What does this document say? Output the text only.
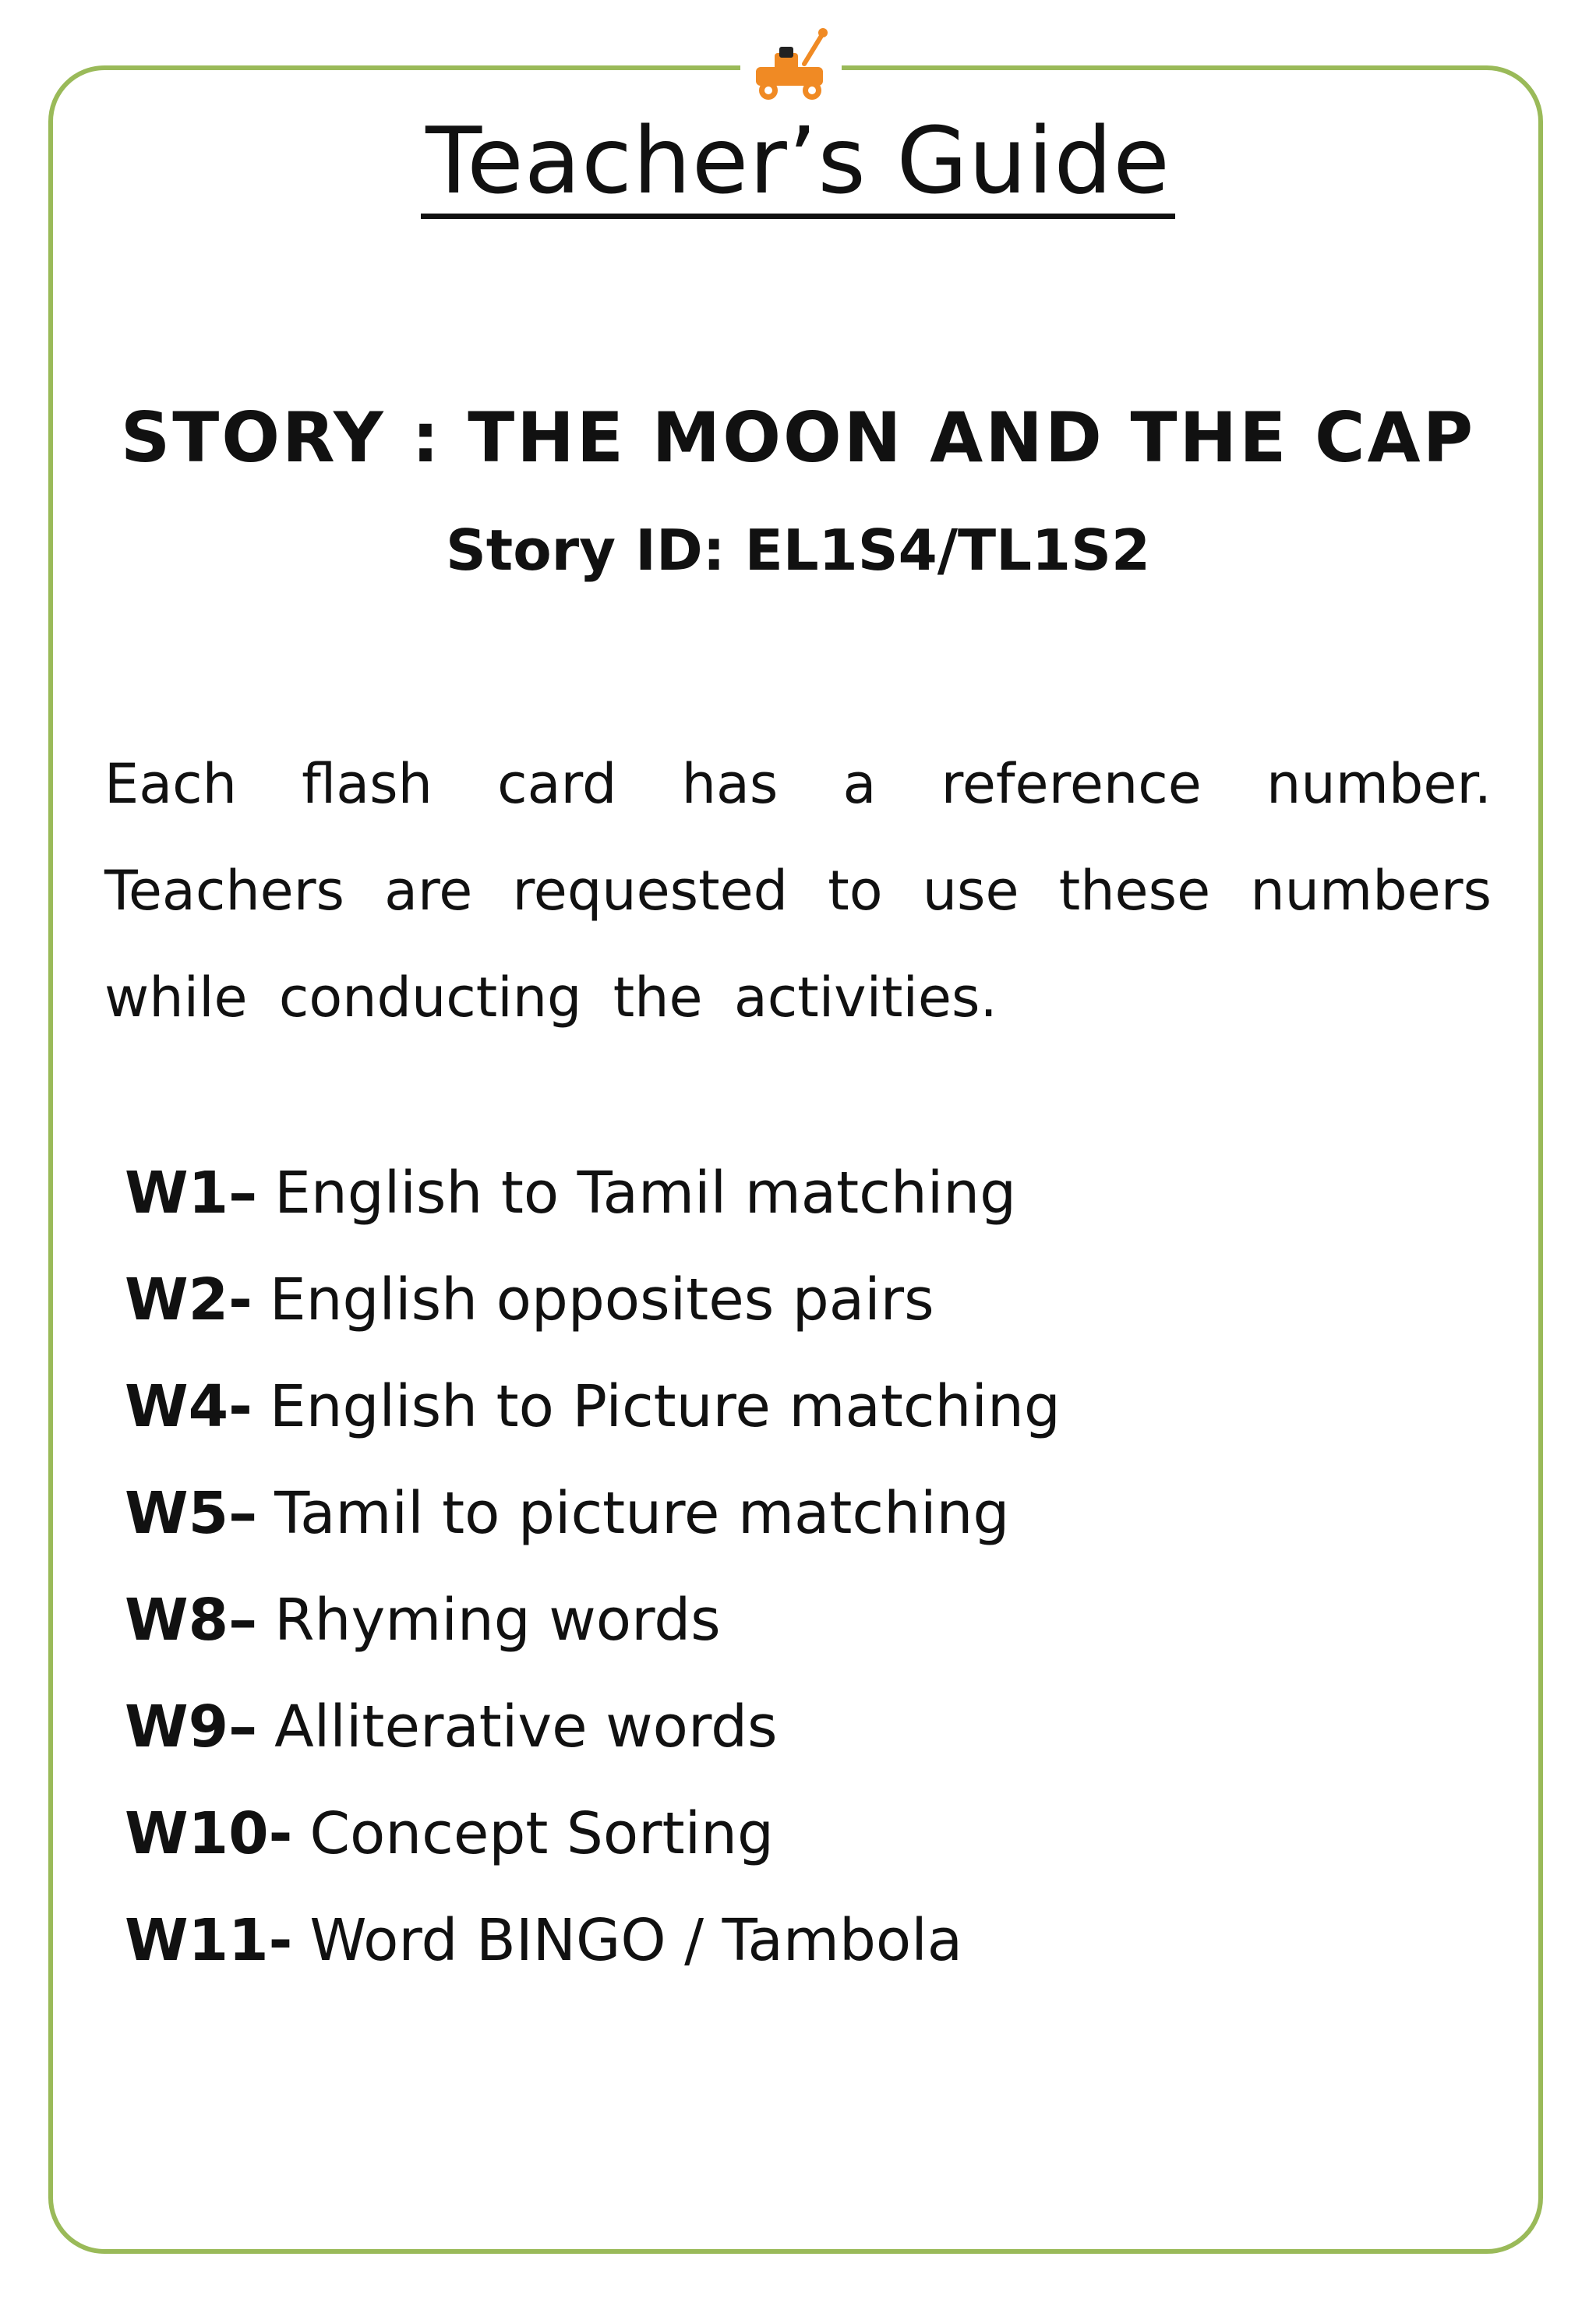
Teacher’s Guide
STORY : THE MOON AND THE CAP
Story ID: EL1S4/TL1S2
Each flash card has a reference number. Teachers are requested to use these numbers while conducting the activities.
W1– English to Tamil matching
W2- English opposites pairs
W4- English to Picture matching
W5– Tamil to picture matching
W8– Rhyming words
W9– Alliterative words
W10- Concept Sorting
W11- Word BINGO / Tambola
